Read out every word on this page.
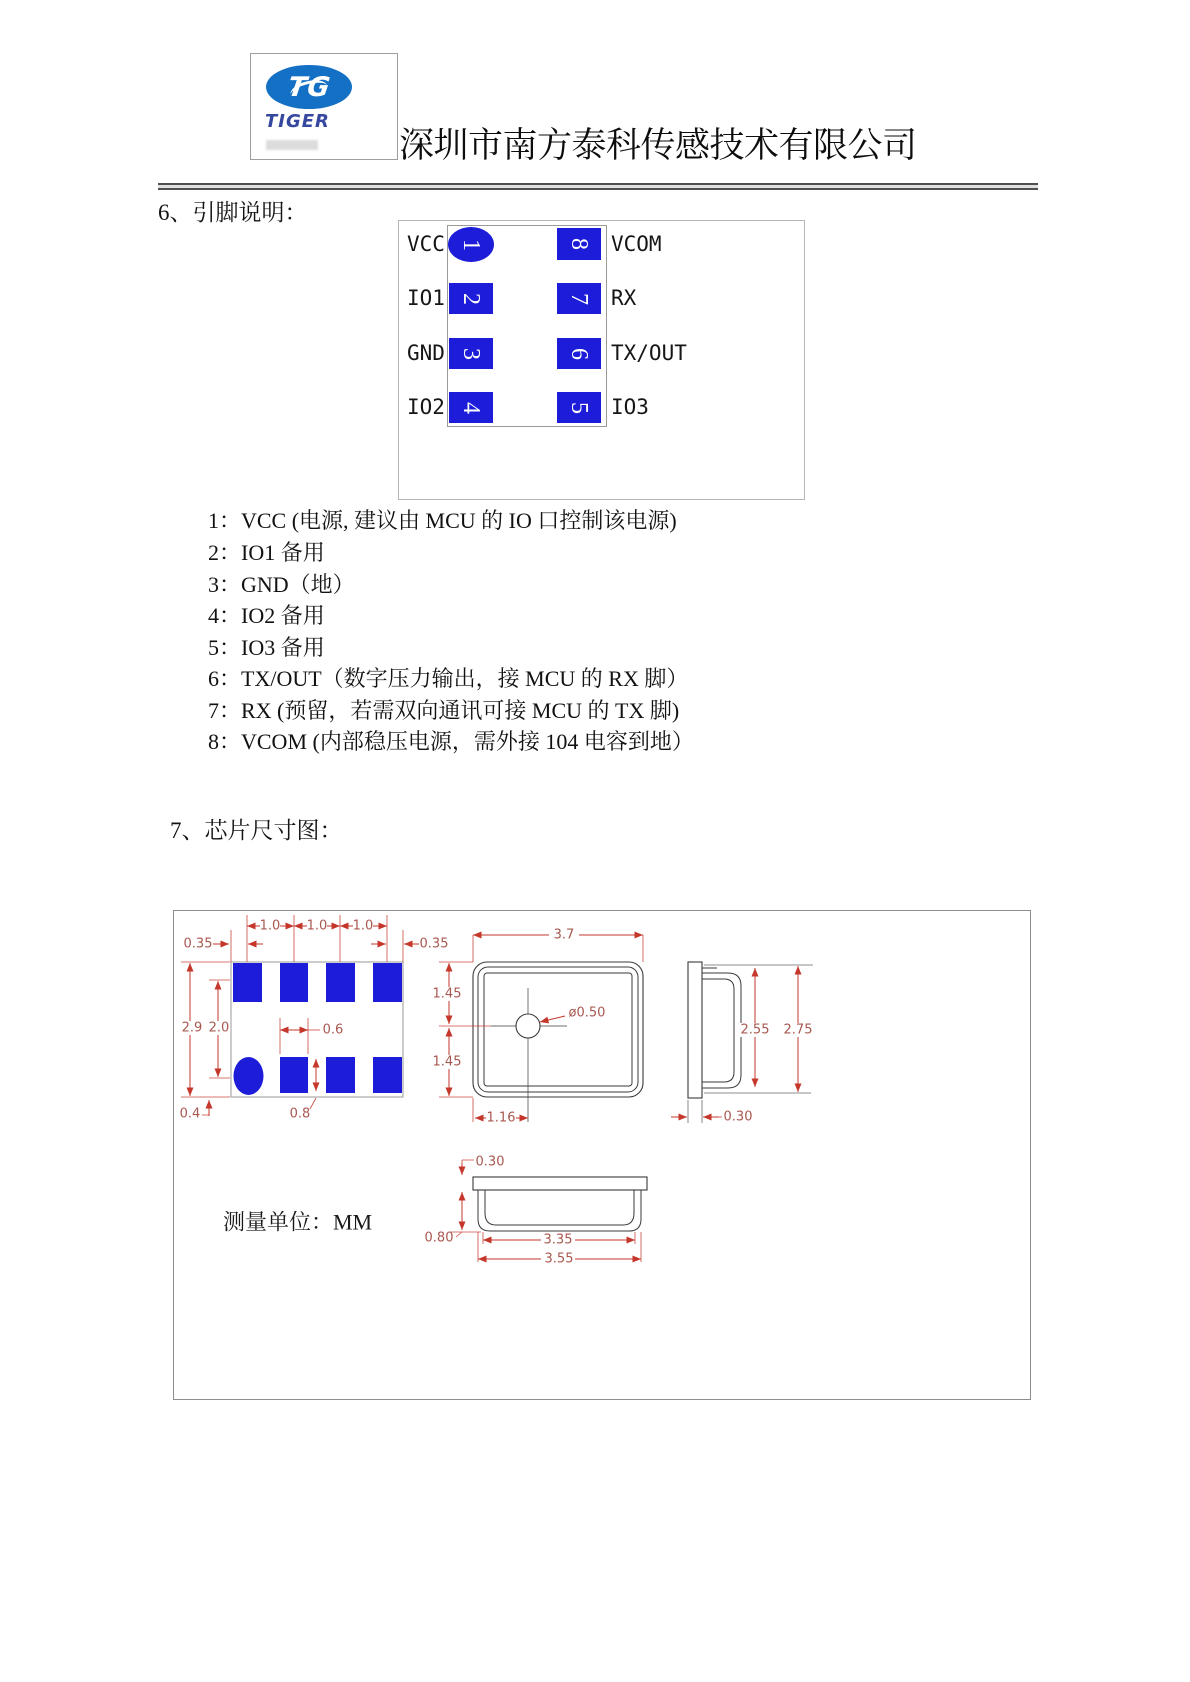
TG
TIGER
深圳市南方泰科传感技术有限公司
6、引脚说明：
1
2
3
4
8
7
6
5
VCC
IO1
GND
IO2
VCOM
RX
TX/OUT
IO3
1：VCC (电源, 建议由 MCU 的 IO 口控制该电源)
2：IO1 备用
3：GND（地）
4：IO2 备用
5：IO3 备用
6：TX/OUT（数字压力输出，接 MCU 的 RX 脚）
7：RX (预留，若需双向通讯可接 MCU 的 TX 脚)
8：VCOM (内部稳压电源，需外接 104 电容到地）
7、芯片尺寸图：
1.0 1.0 1.0
0.35	0.35
2.9 2.0	0.6
0.8
0.4
3.7
1.45
1.45
ø0.50
1.16
2.55 2.75
0.30
0.30
0.80	3.35
3.55
测量单位：MM
